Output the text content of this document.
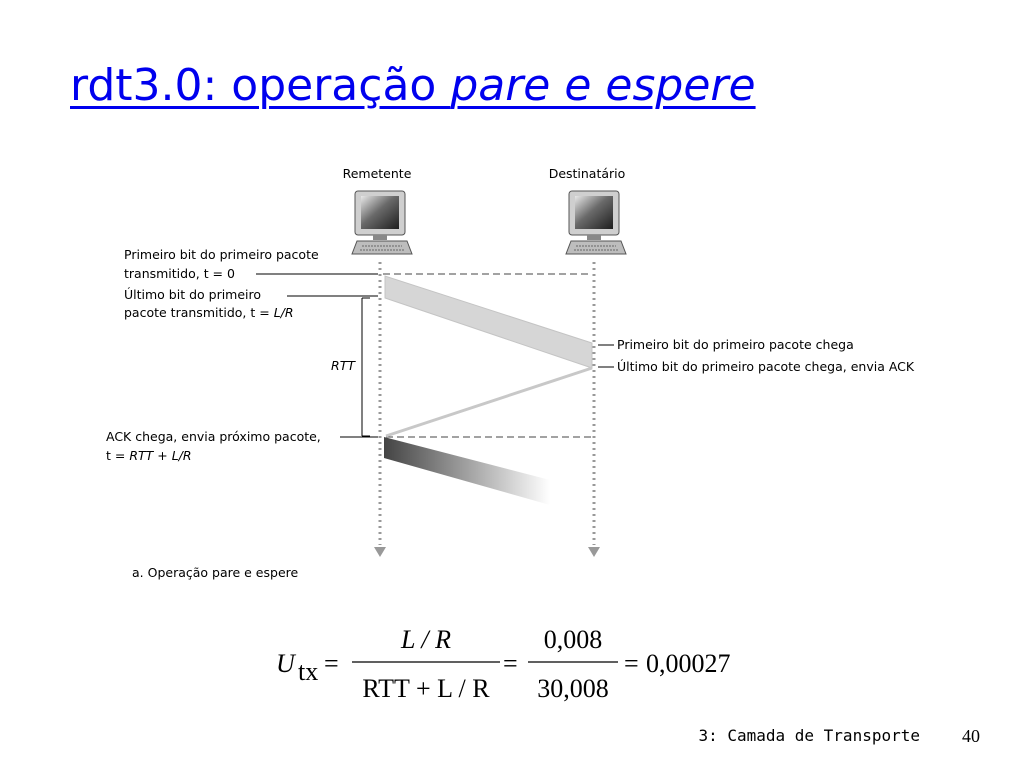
rdt3.0: operação pare e espere
Remetente	Destinatário
RTT
Primeiro bit do primeiro pacote
transmitido, t = 0
Último bit do primeiro
pacote transmitido, t = L/R
ACK chega, envia próximo pacote,
t = RTT + L/R
Primeiro bit do primeiro pacote chega
Último bit do primeiro pacote chega, envia ACK
a. Operação pare e espere
U tx =
L / R
RTT + L / R
=
0,008
30,008
= 0,00027
3: Camada de Transporte 40
